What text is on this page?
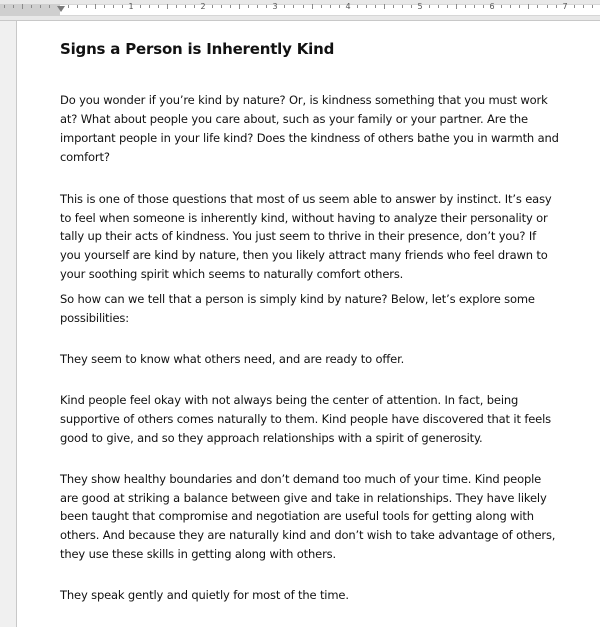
1	2	3	4	5	6	7
Signs a Person is Inherently Kind

Do you wonder if you’re kind by nature? Or, is kindness something that you must work at? What about people you care about, such as your family or your partner. Are the important people in your life kind? Does the kindness of others bathe you in warmth and comfort?

This is one of those questions that most of us seem able to answer by instinct. It’s easy to feel when someone is inherently kind, without having to analyze their personality or tally up their acts of kindness. You just seem to thrive in their presence, don’t you? If you yourself are kind by nature, then you likely attract many friends who feel drawn to your soothing spirit which seems to naturally comfort others.

So how can we tell that a person is simply kind by nature? Below, let’s explore some possibilities:

They seem to know what others need, and are ready to offer.

Kind people feel okay with not always being the center of attention. In fact, being supportive of others comes naturally to them. Kind people have discovered that it feels good to give, and so they approach relationships with a spirit of generosity.

They show healthy boundaries and don’t demand too much of your time. Kind people are good at striking a balance between give and take in relationships. They have likely been taught that compromise and negotiation are useful tools for getting along with others. And because they are naturally kind and don’t wish to take advantage of others, they use these skills in getting along with others.

They speak gently and quietly for most of the time.
